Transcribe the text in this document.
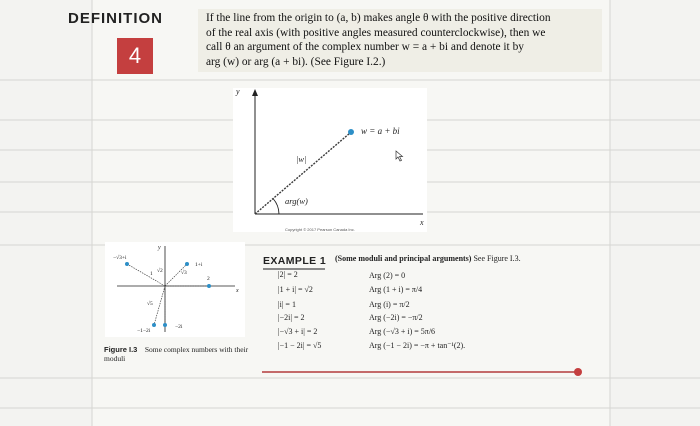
DEFINITION
4
If the line from the origin to (a, b) makes angle θ with the positive direction
of the real axis (with positive angles measured counterclockwise), then we
call θ an argument of the complex number w = a + bi and denote it by
arg (w) or arg (a + bi). (See Figure I.2.)
y
x
w = a + bi
|w|
arg(w)
Copyright © 2017 Pearson Canada Inc.
−√3+i
1+i
√3
√5
2
−1−2i
−2i
y
x
1 √2
Figure I.3 Some complex numbers with their moduli
EXAMPLE 1 (Some moduli and principal arguments) See Figure I.3.
|2| = 2
|1 + i| = √2
|i| = 1
|−2i| = 2
|−√3 + i| = 2
|−1 − 2i| = √5
Arg (2) = 0
Arg (1 + i) = π/4
Arg (i) = π/2
Arg (−2i) = −π/2
Arg (−√3 + i) = 5π/6
Arg (−1 − 2i) = −π + tan⁻¹(2).
